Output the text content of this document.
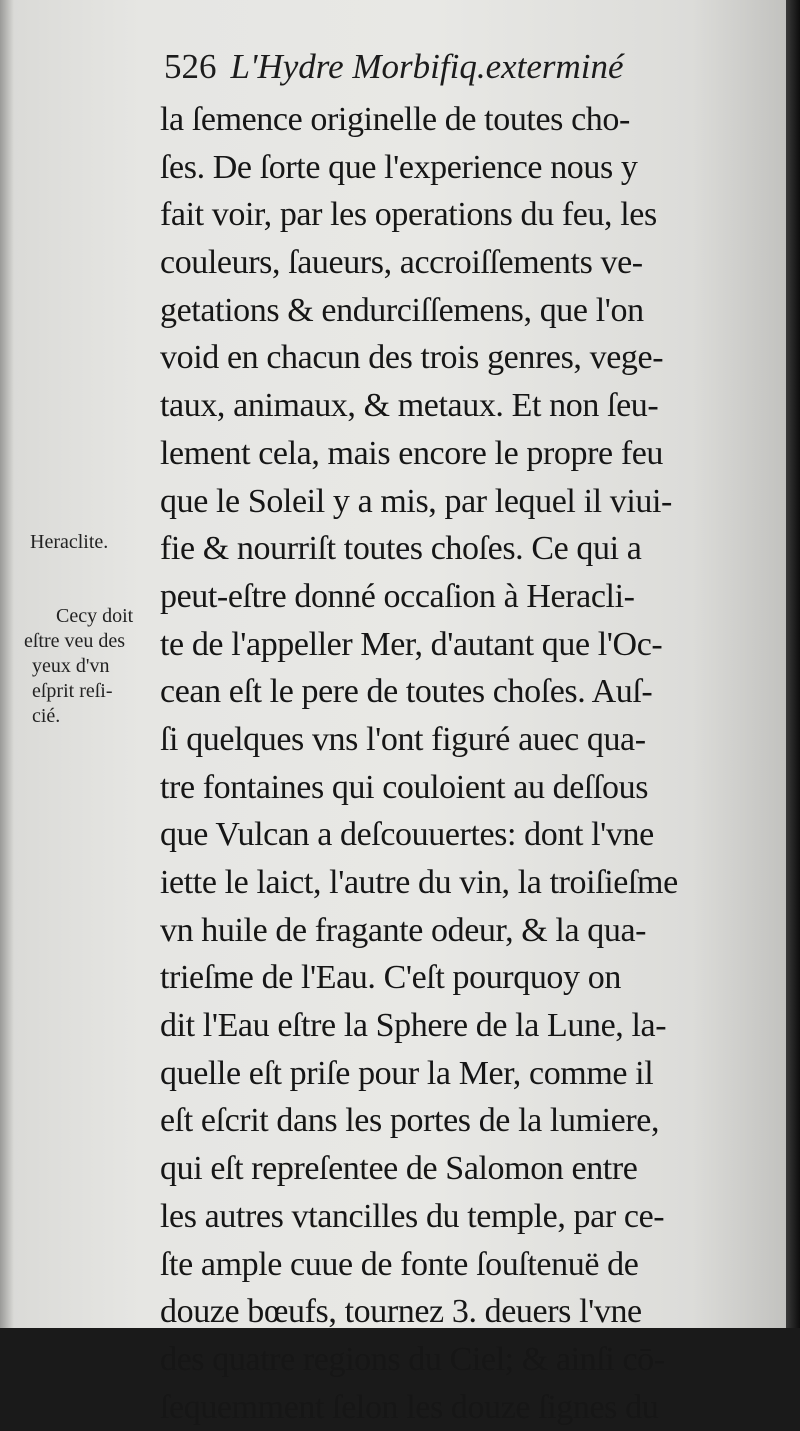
526 L'Hydre Morbifiq.exterminé
la ſemence originelle de toutes cho-
ſes. De ſorte que l'experience nous y
fait voir, par les operations du feu, les
couleurs, ſaueurs, accroiſſements ve-
getations & endurciſſemens, que l'on
void en chacun des trois genres, vege-
taux, animaux, & metaux. Et non ſeu-
lement cela, mais encore le propre feu
que le Soleil y a mis, par lequel il viui-
fie & nourriſt toutes choſes. Ce qui a
peut-eſtre donné occaſion à Heracli-
te de l'appeller Mer, d'autant que l'Oc-
cean eſt le pere de toutes choſes. Auſ-
ſi quelques vns l'ont figuré auec qua-
tre fontaines qui couloient au deſſous
que Vulcan a deſcouuertes: dont l'vne
iette le laict, l'autre du vin, la troiſieſme
vn huile de fragante odeur, & la qua-
trieſme de l'Eau. C'eſt pourquoy on
dit l'Eau eſtre la Sphere de la Lune, la-
quelle eſt priſe pour la Mer, comme il
eſt eſcrit dans les portes de la lumiere,
qui eſt repreſentee de Salomon entre
les autres vtancilles du temple, par ce-
ſte ample cuue de fonte ſouſtenuë de
douze bœufs, tournez 3. deuers l'vne
des quatre regions du Ciel; & ainſi cō-
ſequemment ſelon les douze ſignes du
Heraclite.
Cecy doit
eſtre veu des
yeux d'vn
eſprit reſi-
cié.
